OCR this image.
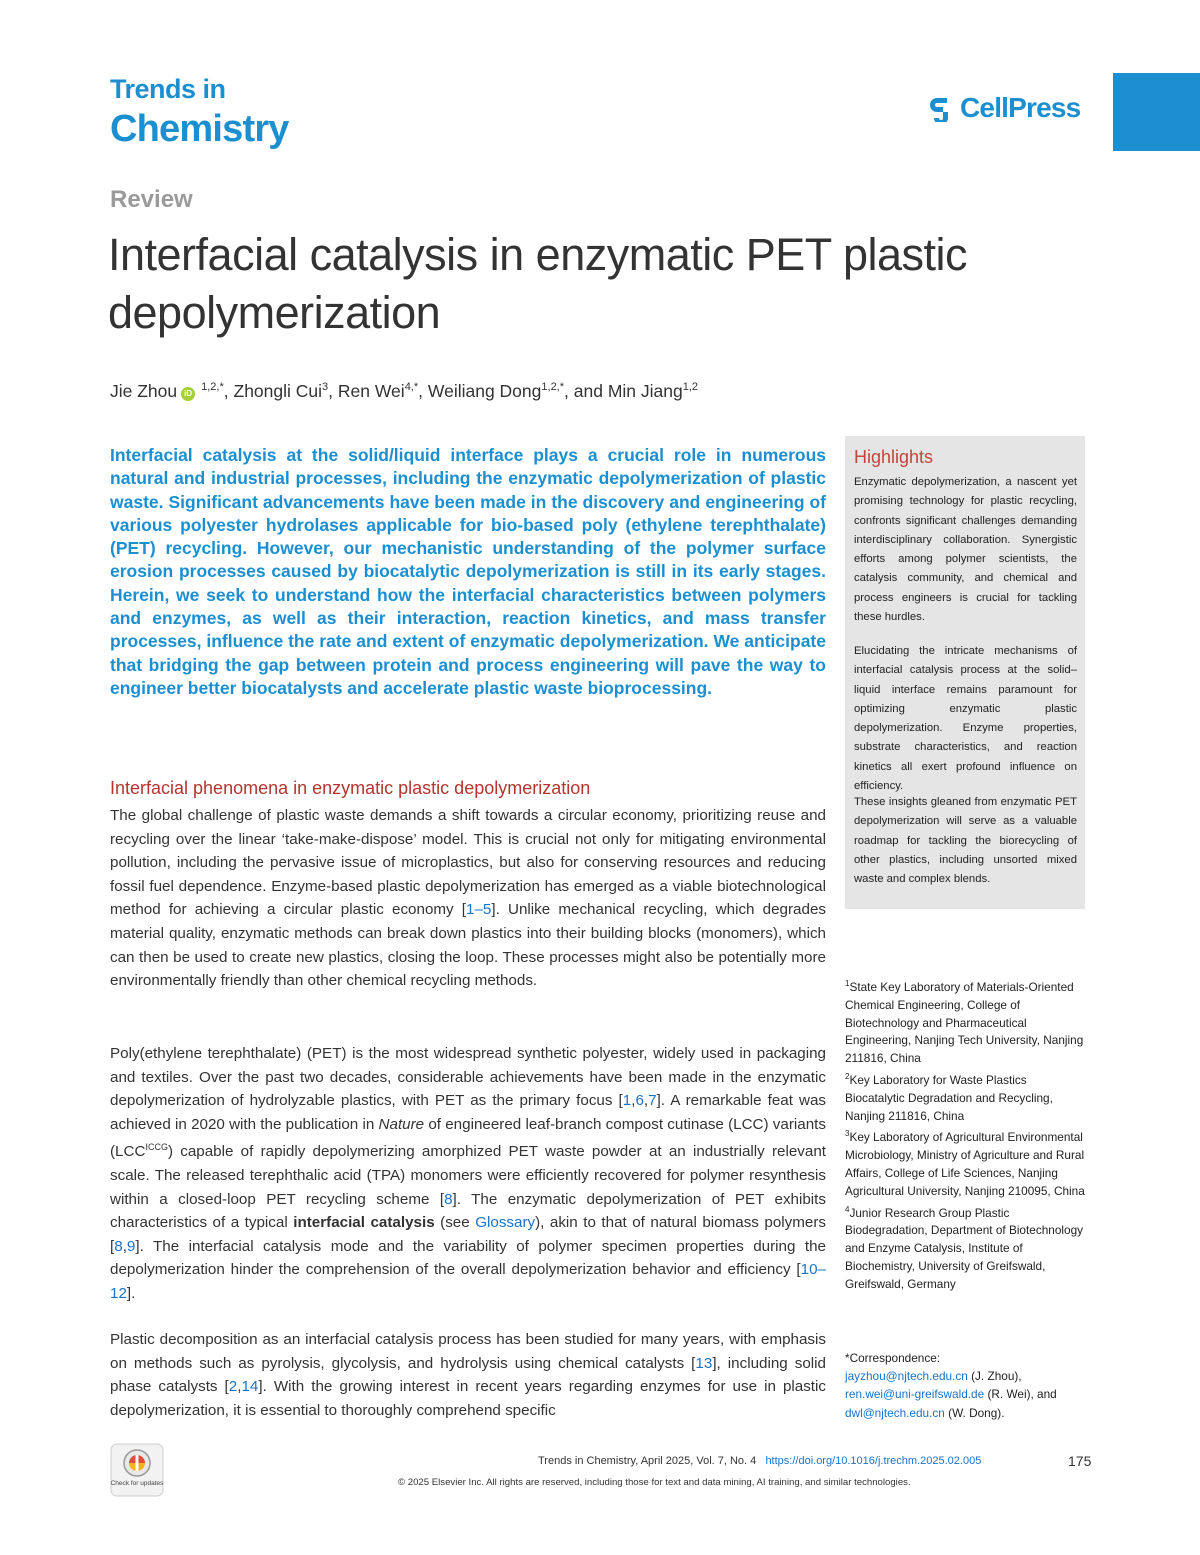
Trends in
Chemistry
CellPress
Review
Interfacial catalysis in enzymatic PET plastic depolymerization
Jie Zhou $iD^{1,2,*}$, Zhongli Cui$^3$, Ren Wei$^{4,*}$, Weiliang Dong$^{1,2,*}$, and Min Jiang$^{1,2}$
Interfacial catalysis at the solid/liquid interface plays a crucial role in numerous natural and industrial processes, including the enzymatic depolymerization of plastic waste. Significant advancements have been made in the discovery and engineering of various polyester hydrolases applicable for bio-based poly (ethylene terephthalate) (PET) recycling. However, our mechanistic understanding of the polymer surface erosion processes caused by biocatalytic depolymerization is still in its early stages. Herein, we seek to understand how the interfacial characteristics between polymers and enzymes, as well as their interaction, reaction kinetics, and mass transfer processes, influence the rate and extent of enzymatic depolymerization. We anticipate that bridging the gap between protein and process engineering will pave the way to engineer better biocatalysts and accelerate plastic waste bioprocessing.
Highlights
Enzymatic depolymerization, a nascent yet promising technology for plastic recycling, confronts significant challenges demanding interdisciplinary collaboration. Synergistic efforts among polymer scientists, the catalysis community, and chemical and process engineers is crucial for tackling these hurdles.
Elucidating the intricate mechanisms of interfacial catalysis process at the solid–liquid interface remains paramount for optimizing enzymatic plastic depolymerization. Enzyme properties, substrate characteristics, and reaction kinetics all exert profound influence on efficiency.
These insights gleaned from enzymatic PET depolymerization will serve as a valuable roadmap for tackling the biorecycling of other plastics, including unsorted mixed waste and complex blends.
Interfacial phenomena in enzymatic plastic depolymerization
The global challenge of plastic waste demands a shift towards a circular economy, prioritizing reuse and recycling over the linear ‘take-make-dispose’ model. This is crucial not only for mitigating environmental pollution, including the pervasive issue of microplastics, but also for conserving resources and reducing fossil fuel dependence. Enzyme-based plastic depolymerization has emerged as a viable biotechnological method for achieving a circular plastic economy [1–5]. Unlike mechanical recycling, which degrades material quality, enzymatic methods can break down plastics into their building blocks (monomers), which can then be used to create new plastics, closing the loop. These processes might also be potentially more environmentally friendly than other chemical recycling methods.
Poly(ethylene terephthalate) (PET) is the most widespread synthetic polyester, widely used in packaging and textiles. Over the past two decades, considerable achievements have been made in the enzymatic depolymerization of hydrolyzable plastics, with PET as the primary focus [1,6,7]. A remarkable feat was achieved in 2020 with the publication in Nature of engineered leaf-branch compost cutinase (LCC) variants $(LCC^{ICCG})$ capable of rapidly depolymerizing amorphized PET waste powder at an industrially relevant scale. The released terephthalic acid (TPA) monomers were efficiently recovered for polymer resynthesis within a closed-loop PET recycling scheme [8]. The enzymatic depolymerization of PET exhibits characteristics of a typical interfacial catalysis (see Glossary), akin to that of natural biomass polymers [8,9]. The interfacial catalysis mode and the variability of polymer specimen properties during the depolymerization hinder the comprehension of the overall depolymerization behavior and efficiency [10–12].
Plastic decomposition as an interfacial catalysis process has been studied for many years, with emphasis on methods such as pyrolysis, glycolysis, and hydrolysis using chemical catalysts [13], including solid phase catalysts [2,14]. With the growing interest in recent years regarding enzymes for use in plastic depolymerization, it is essential to thoroughly comprehend specific

$^1$State Key Laboratory of Materials-Oriented Chemical Engineering, College of Biotechnology and Pharmaceutical Engineering, Nanjing Tech University, Nanjing 211816, China

$^2$Key Laboratory for Waste Plastics Biocatalytic Degradation and Recycling, Nanjing 211816, China

$^3$Key Laboratory of Agricultural Environmental Microbiology, Ministry of Agriculture and Rural Affairs, College of Life Sciences, Nanjing Agricultural University, Nanjing 210095, China

$^4$Junior Research Group Plastic Biodegradation, Department of Biotechnology and Enzyme Catalysis, Institute of Biochemistry, University of Greifswald, Greifswald, Germany

*Correspondence:
jayzhou@njtech.edu.cn (J. Zhou),
ren.wei@uni-greifswald.de (R. Wei), and
dwl@njtech.edu.cn (W. Dong).
Check for updates
Trends in Chemistry, April 2025, Vol. 7, No. 4 https://doi.org/10.1016/j.trechm.2025.02.005	175
© 2025 Elsevier Inc. All rights are reserved, including those for text and data mining, AI training, and similar technologies.
